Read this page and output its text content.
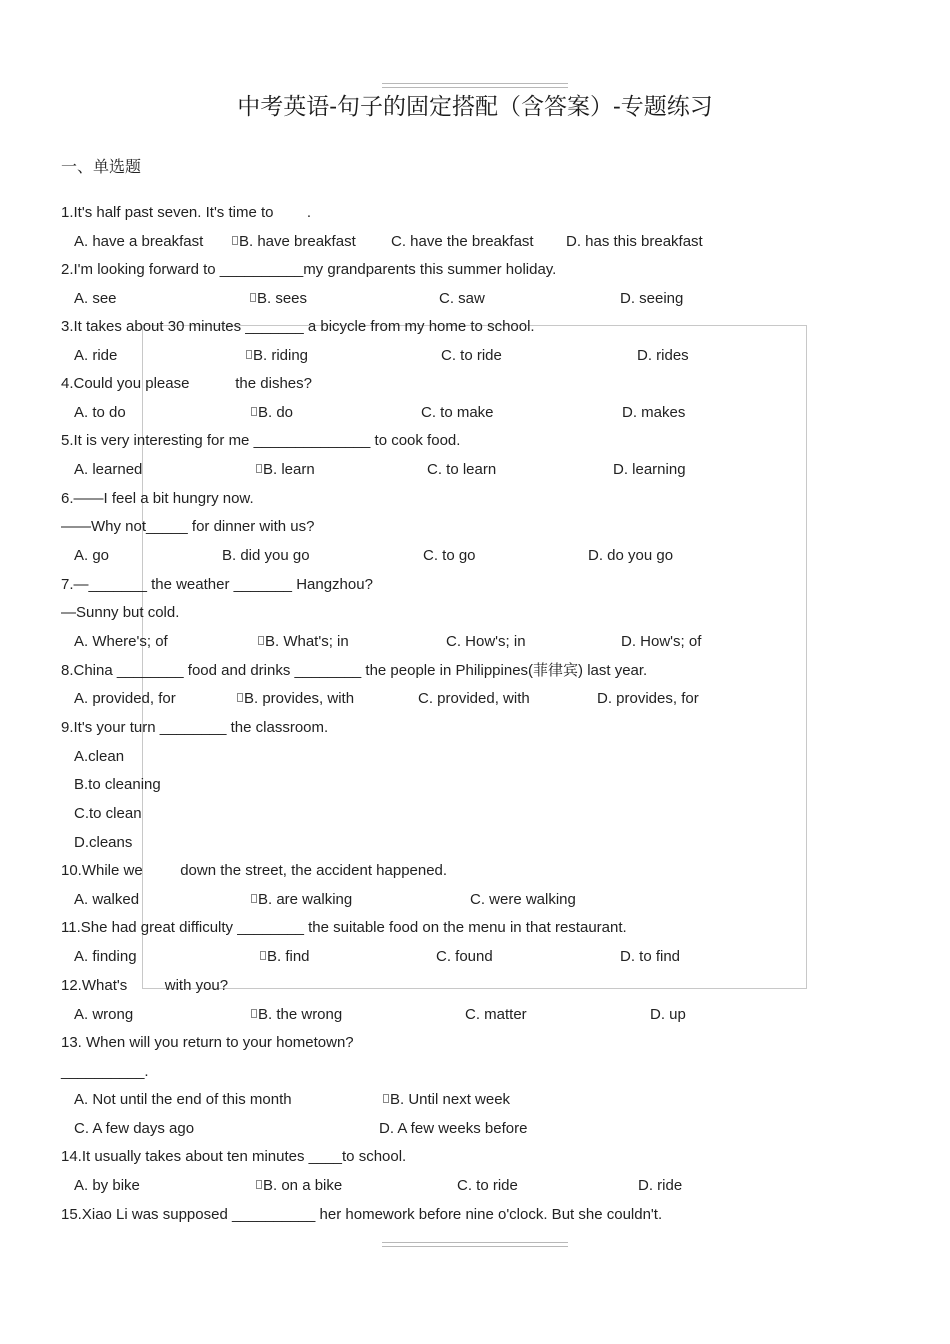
中考英语-句子的固定搭配（含答案）-专题练习
一、单选题
1.It's half past seven. It's time to        .
A. have a breakfast	B. have breakfast C. have the breakfast D. has this breakfast
2.I'm looking forward to __________my grandparents this summer holiday.
A. see	B. sees	C. saw	D. seeing
3.It takes about 30 minutes _______ a bicycle from my home to school.
A. ride	B. riding	C. to ride	D. rides
4.Could you please           the dishes?
A. to do	B. do	C. to make	D. makes
5.It is very interesting for me ______________ to cook food.
A. learned	B. learn	C. to learn	D. learning
6.——I feel a bit hungry now.
——Why not_____ for dinner with us?
A. go	B. did you go	C. to go	D. do you go
7.—_______ the weather _______ Hangzhou?
—Sunny but cold.
A. Where's; of	B. What's; in	C. How's; in	D. How's; of
8.China ________ food and drinks ________ the people in Philippines(菲律宾) last year.
A. provided, for	B. provides, with	C. provided, with	D. provides, for
9.It's your turn ________ the classroom.
A.clean
B.to cleaning
C.to clean
D.cleans
10.While we         down the street, the accident happened.
A. walked	B. are walking	C. were walking
11.She had great difficulty ________ the suitable food on the menu in that restaurant.
A. finding	B. find	C. found	D. to find
12.What's         with you?
A. wrong	B. the wrong	C. matter	D. up
13. When will you return to your hometown?
__________.
A. Not until the end of this month	B. Until next week
C. A few days ago	D. A few weeks before
14.It usually takes about ten minutes ____to school.
A. by bike	B. on a bike	C. to ride	D. ride
15.Xiao Li was supposed __________ her homework before nine o'clock. But she couldn't.
